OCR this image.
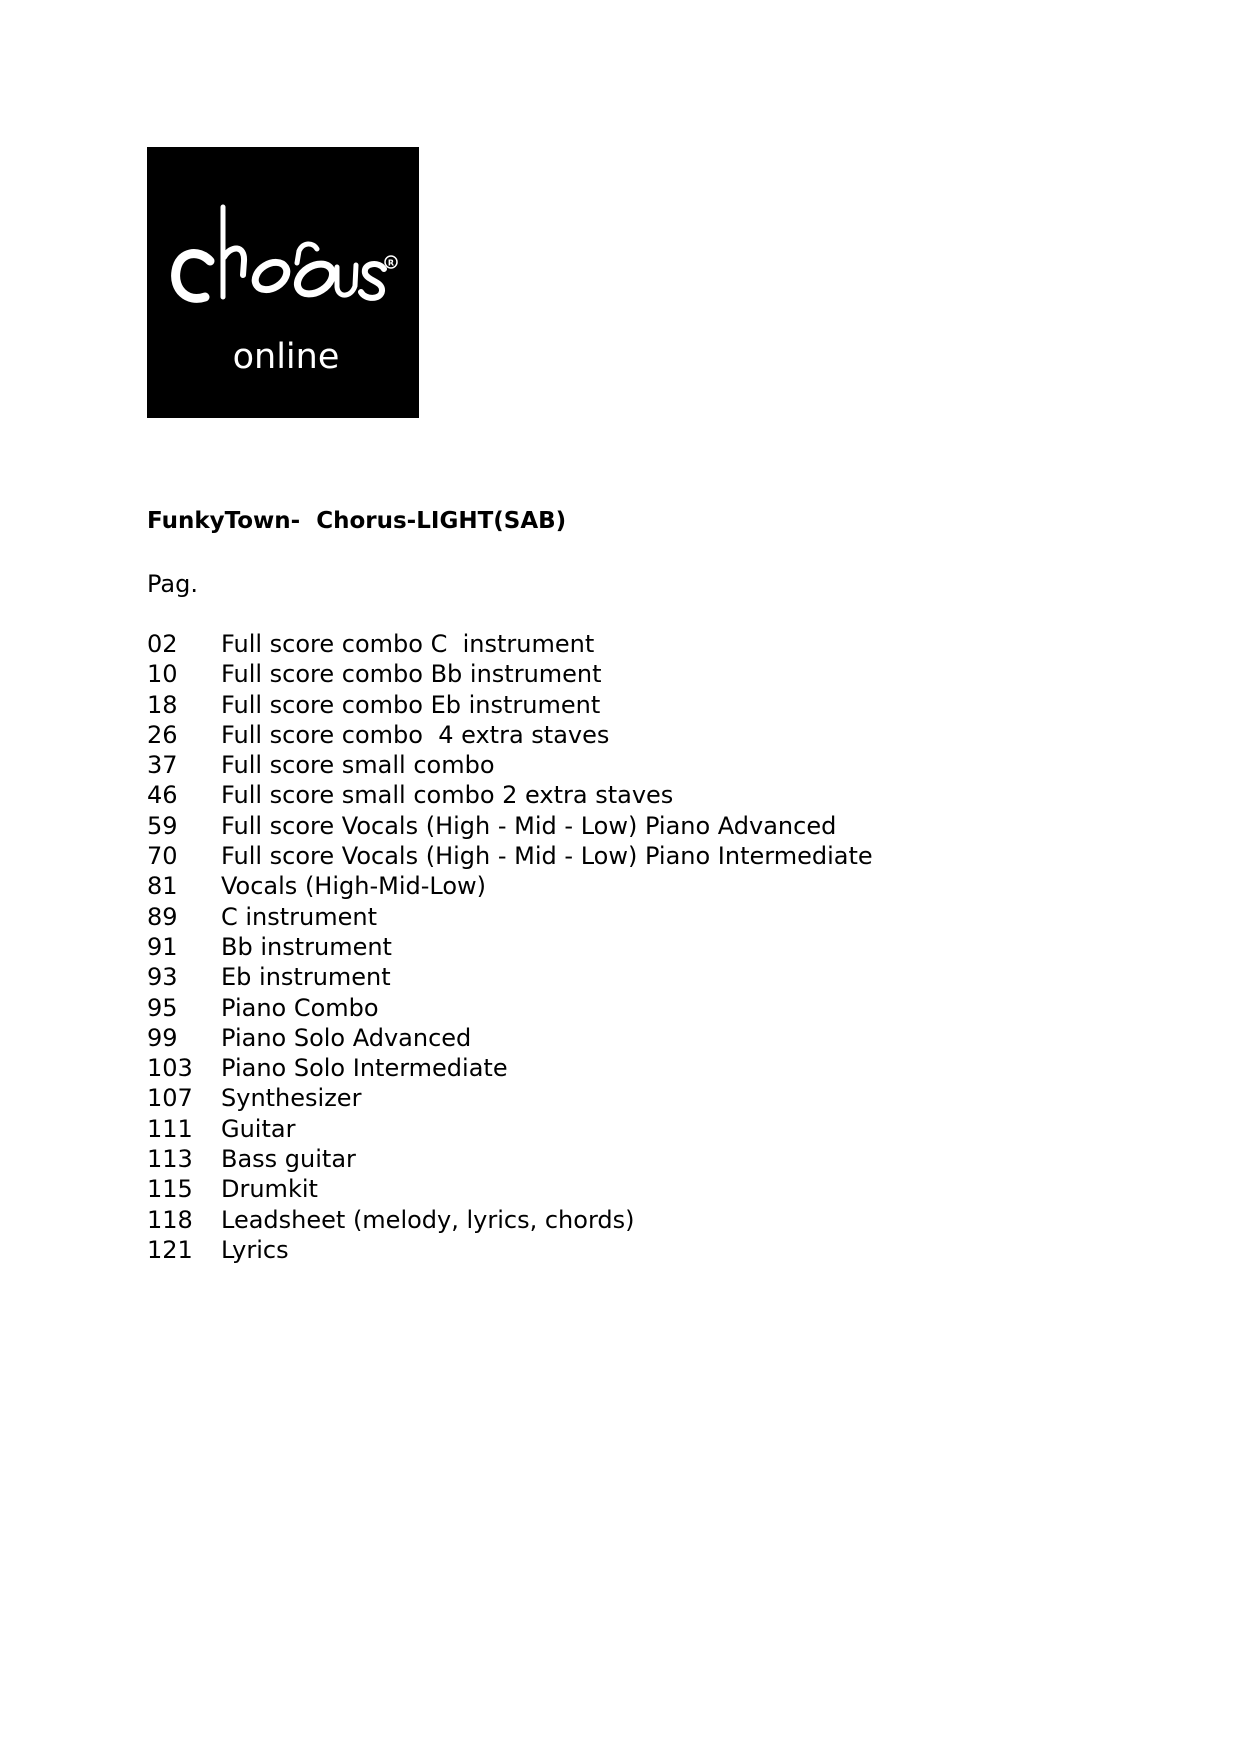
R
online
FunkyTown-  Chorus-LIGHT(SAB)
Pag.
02	Full score combo C  instrument
10	Full score combo Bb instrument
18	Full score combo Eb instrument
26	Full score combo  4 extra staves
37	Full score small combo
46	Full score small combo 2 extra staves
59	Full score Vocals (High - Mid - Low) Piano Advanced
70	Full score Vocals (High - Mid - Low) Piano Intermediate
81	Vocals (High-Mid-Low)
89	C instrument
91	Bb instrument
93	Eb instrument
95	Piano Combo
99	Piano Solo Advanced
103	Piano Solo Intermediate
107	Synthesizer
111	Guitar
113	Bass guitar
115	Drumkit
118	Leadsheet (melody, lyrics, chords)
121	Lyrics
